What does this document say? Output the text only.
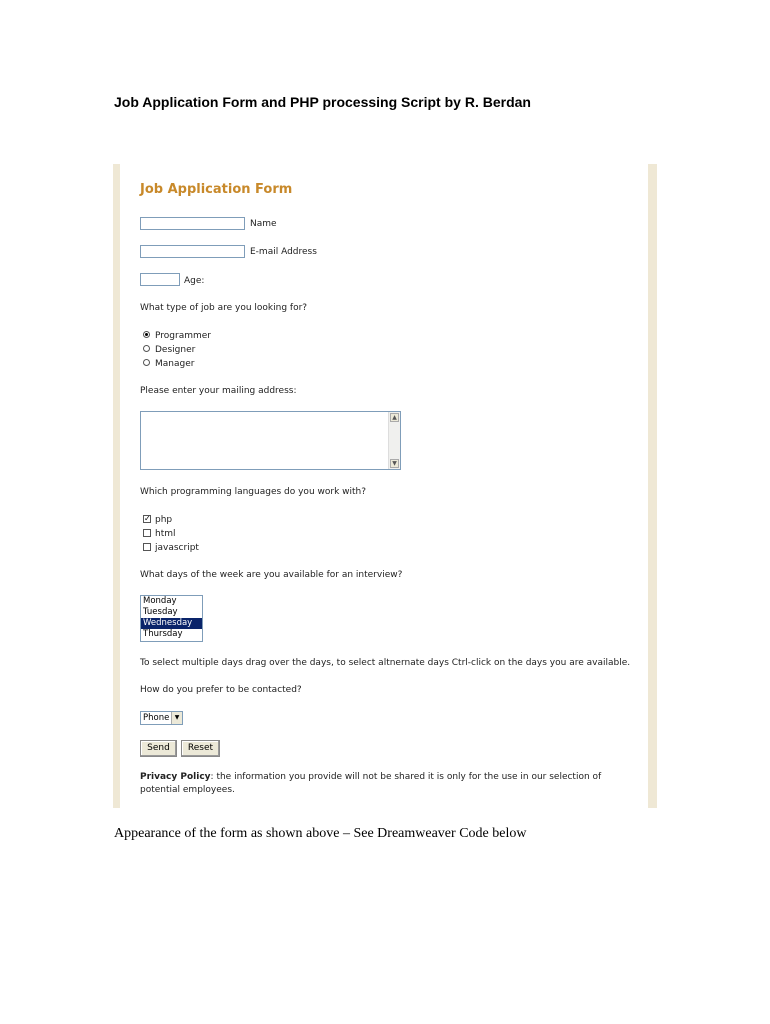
Job Application Form and PHP processing Script by R. Berdan
Job Application Form
Name
E-mail Address
Age:
What type of job are you looking for?
Programmer
Designer
Manager
Please enter your mailing address:
▲
▼
Which programming languages do you work with?
✓ php
html
javascript
What days of the week are you available for an interview?
Monday
Tuesday
Wednesday
Thursday
To select multiple days drag over the days, to select altnernate days Ctrl-click on the days you are available.
How do you prefer to be contacted?
Phone ▼
Send	Reset
Privacy Policy: the information you provide will not be shared it is only for the use in our selection of potential employees.
Appearance of the form as shown above – See Dreamweaver Code below
